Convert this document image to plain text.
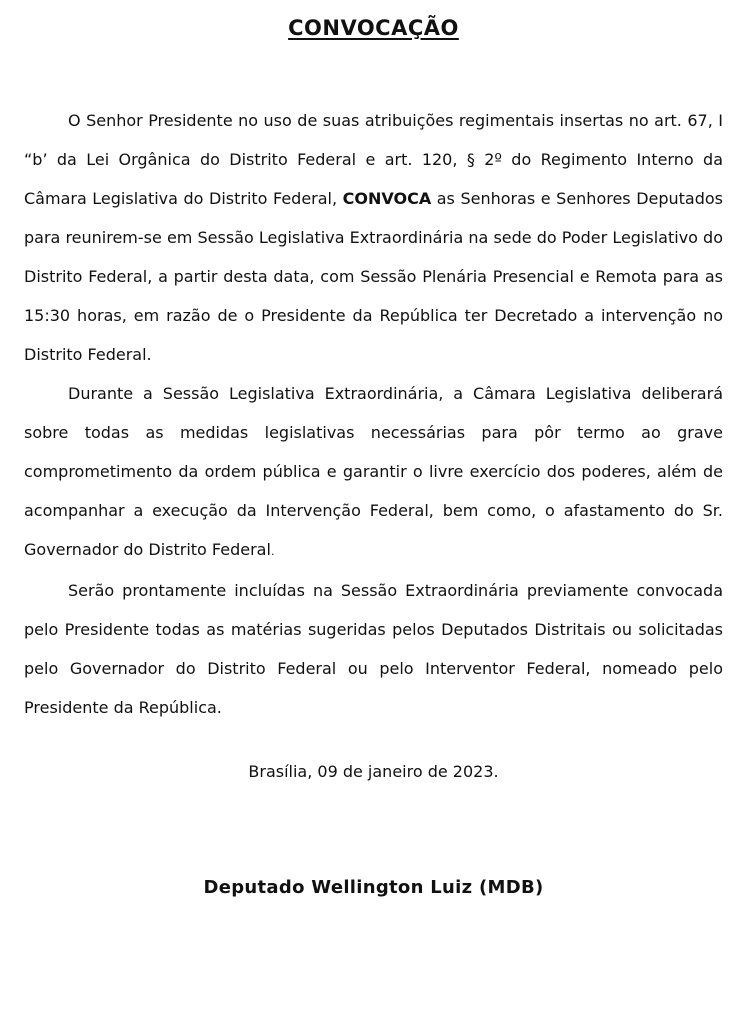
CONVOCAÇÃO

O Senhor Presidente no uso de suas atribuições regimentais insertas no art. 67, I “b’ da Lei Orgânica do Distrito Federal e art. 120, § 2º do Regimento Interno da Câmara Legislativa do Distrito Federal, CONVOCA as Senhoras e Senhores Deputados para reunirem-se em Sessão Legislativa Extraordinária na sede do Poder Legislativo do Distrito Federal, a partir desta data, com Sessão Plenária Presencial e Remota para as 15:30 horas, em razão de o Presidente da República ter Decretado a intervenção no Distrito Federal.

Durante a Sessão Legislativa Extraordinária, a Câmara Legislativa deliberará sobre todas as medidas legislativas necessárias para pôr termo ao grave comprometimento da ordem pública e garantir o livre exercício dos poderes, além de acompanhar a execução da Intervenção Federal, bem como, o afastamento do Sr. Governador do Distrito Federal.

Serão prontamente incluídas na Sessão Extraordinária previamente convocada pelo Presidente todas as matérias sugeridas pelos Deputados Distritais ou solicitadas pelo Governador do Distrito Federal ou pelo Interventor Federal, nomeado pelo Presidente da República.

Brasília, 09 de janeiro de 2023.

Deputado Wellington Luiz (MDB)
